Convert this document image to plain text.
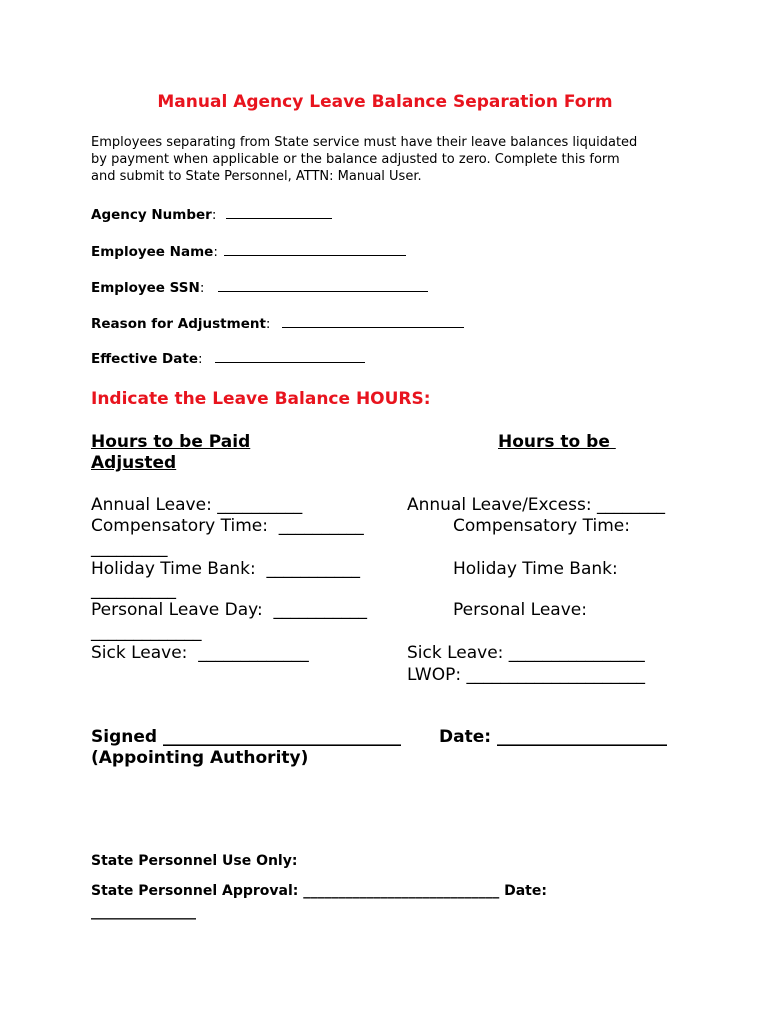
Manual Agency Leave Balance Separation Form
Employees separating from State service must have their leave balances liquidated
by payment when applicable or the balance adjusted to zero. Complete this form
and submit to State Personnel, ATTN: Manual User.
Agency Number:
Employee Name:
Employee SSN:
Reason for Adjustment:
Effective Date:
Indicate the Leave Balance HOURS:
Hours to be Paid
Adjusted
Hours to be
Annual Leave: __________
Compensatory Time:  __________
_________
Holiday Time Bank:  ___________
__________
Personal Leave Day:  ___________
_____________
Sick Leave:  _____________
Annual Leave/Excess: ________
Compensatory Time:
Holiday Time Bank:
Personal Leave:
Sick Leave: ________________
LWOP: _____________________
Signed ____________________________
(Appointing Authority)
Date: ____________________
State Personnel Use Only:
State Personnel Approval: ____________________________ Date:
_______________
